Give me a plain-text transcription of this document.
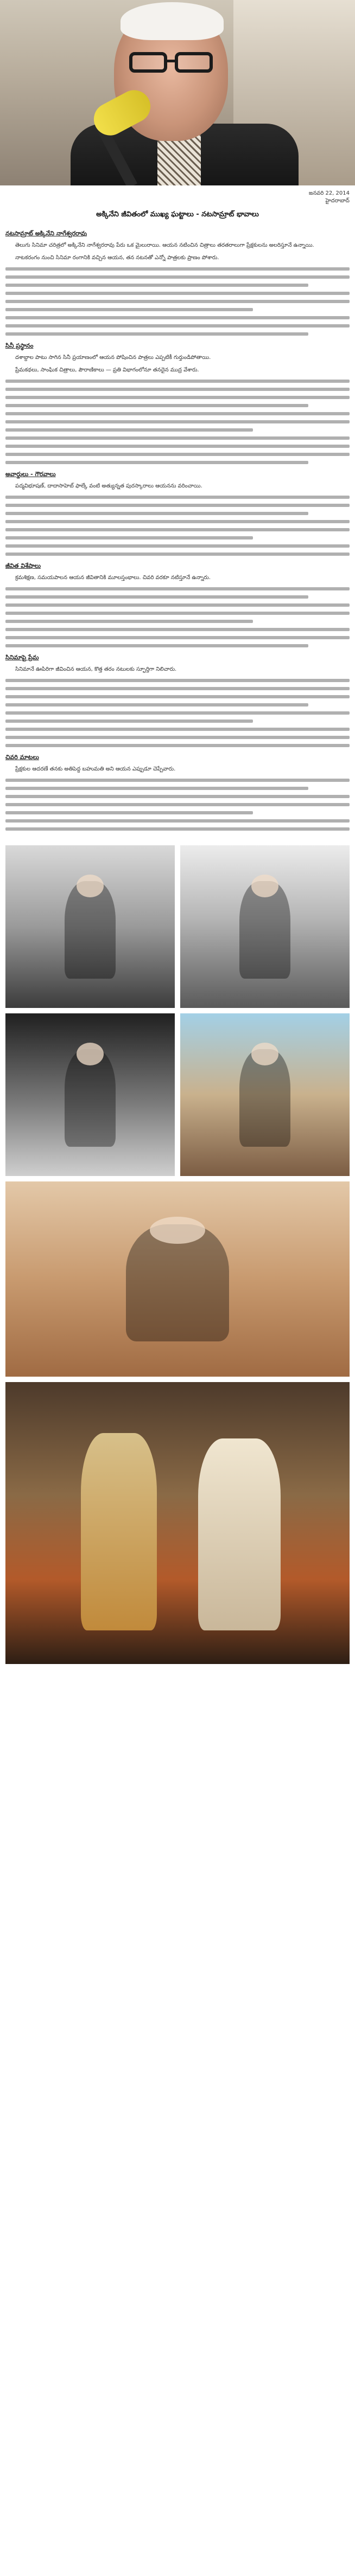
జనవరి 22, 2014
హైదరాబాద్
అక్కినేని జీవితంలో ముఖ్య ఘట్టాలు - నటసామ్రాట్ భావాలు
నటసామ్రాట్ అక్కినేని నాగేశ్వరరావు

తెలుగు సినిమా చరిత్రలో అక్కినేని నాగేశ్వరరావు పేరు ఒక మైలురాయి. ఆయన నటించిన చిత్రాలు తరతరాలుగా ప్రేక్షకులను అలరిస్తూనే ఉన్నాయి.

నాటకరంగం నుంచి సినిమా రంగానికి వచ్చిన ఆయన, తన నటనతో ఎన్నో పాత్రలకు ప్రాణం పోశారు.

సినీ ప్రస్థానం

దశాబ్దాల పాటు సాగిన సినీ ప్రయాణంలో ఆయన పోషించిన పాత్రలు ఎప్పటికీ గుర్తుండిపోతాయి.

ప్రేమకథలు, సాంఘిక చిత్రాలు, పౌరాణికాలు — ప్రతి విభాగంలోనూ తనదైన ముద్ర వేశారు.

అవార్డులు - గౌరవాలు

పద్మవిభూషణ్, దాదాసాహెబ్ ఫాల్కే వంటి అత్యున్నత పురస్కారాలు ఆయనను వరించాయి.

జీవిత విశేషాలు

క్రమశిక్షణ, సమయపాలన ఆయన జీవితానికి మూలస్తంభాలు. చివరి వరకూ నటిస్తూనే ఉన్నారు.

సినిమాపై ప్రేమ

సినిమానే ఊపిరిగా జీవించిన ఆయన, కొత్త తరం నటులకు స్ఫూర్తిగా నిలిచారు.

చివరి మాటలు

ప్రేక్షకుల ఆదరణే తనకు అతిపెద్ద బహుమతి అని ఆయన ఎప్పుడూ చెప్పేవారు.
